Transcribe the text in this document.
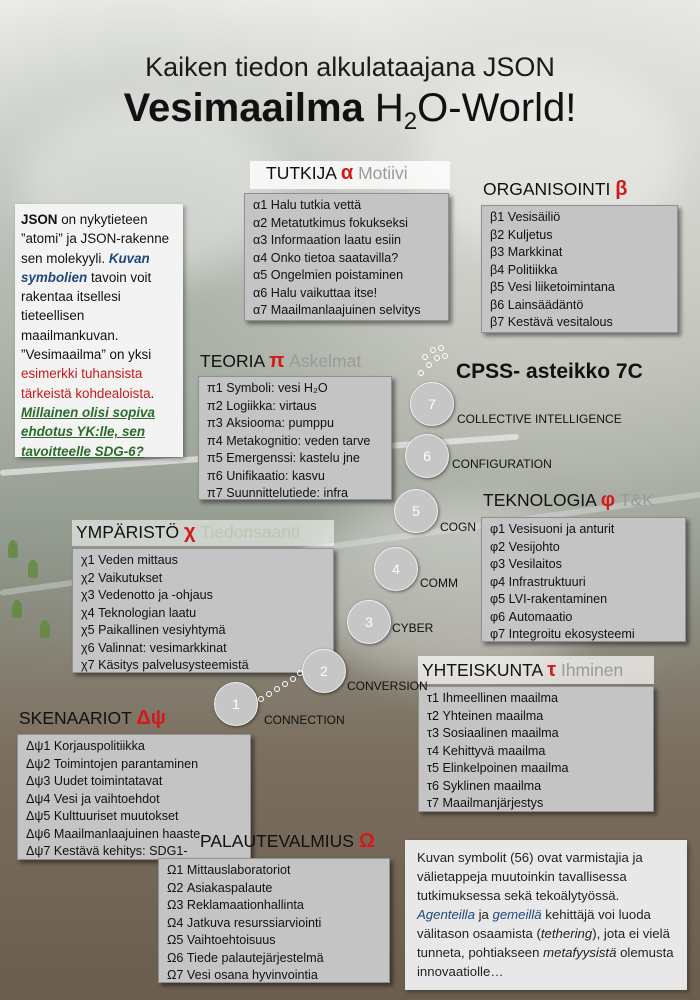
Kaiken tiedon alkulataajana JSON
Vesimaailma $H_2O$-World!
JSON on nykytieteen ”atomi” ja JSON-rakenne sen molekyyli. Kuvan symbolien tavoin voit rakentaa itsellesi tieteellisen maailmankuvan. ”Vesimaailma” on yksi esimerkki tuhansista tärkeistä kohdealoista. Millainen olisi sopiva ehdotus YK:lle, sen tavoitteelle SDG-6?
TUTKIJA α Motiivi
α1 Halu tutkia vettä
α2 Metatutkimus fokukseksi
α3 Informaation laatu esiin
α4 Onko tietoa saatavilla?
α5 Ongelmien poistaminen
α6 Halu vaikuttaa itse!
α7 Maailmanlaajuinen selvitys
ORGANISOINTI β
β1 Vesisäiliö
β2 Kuljetus
β3 Markkinat
β4 Politiikka
β5 Vesi liiketoimintana
β6 Lainsäädäntö
β7 Kestävä vesitalous
TEORIA π Askelmat
π1 Symboli: vesi H₂O
π2 Logiikka: virtaus
π3 Aksiooma: pumppu
π4 Metakognitio: veden tarve
π5 Emergenssi: kastelu jne
π6 Unifikaatio: kasvu
π7 Suunnittelutiede: infra	TEKNOLOGIA φ T&K
φ1 Vesisuoni ja anturit
φ2 Vesijohto
φ3 Vesilaitos
φ4 Infrastruktuuri
φ5 LVI-rakentaminen
φ6 Automaatio
φ7 Integroitu ekosysteemi
YMPÄRISTÖ χ Tiedonsaanti
χ1 Veden mittaus
χ2 Vaikutukset
χ3 Vedenotto ja -ohjaus
χ4 Teknologian laatu
χ5 Paikallinen vesiyhtymä
χ6 Valinnat: vesimarkkinat
χ7 Käsitys palvelusysteemistä	YHTEISKUNTA τ Ihminen
τ1 Ihmeellinen maailma
τ2 Yhteinen maailma
τ3 Sosiaalinen maailma
τ4 Kehittyvä maailma
τ5 Elinkelpoinen maailma
τ6 Syklinen maailma
τ7 Maailmanjärjestys
SKENAARIOT Δψ
Δψ1 Korjauspolitiikka
Δψ2 Toimintojen parantaminen
Δψ3 Uudet toimintatavat
Δψ4 Vesi ja vaihtoehdot
Δψ5 Kulttuuriset muutokset
Δψ6 Maailmanlaajuinen haaste
Δψ7 Kestävä kehitys: SDG1- PALAUTEVALMIUS Ω
Ω1 Mittauslaboratoriot
Ω2 Asiakaspalaute
Ω3 Reklamaationhallinta
Ω4 Jatkuva resurssiarviointi
Ω5 Vaihtoehtoisuus
Ω6 Tiede palautejärjestelmä
Ω7 Vesi osana hyvinvointia
CPSS- asteikko 7C
1
2
3
4
5
6
7
CONNECTION
CONVERSION
CYBER
COMM
COGN
CONFIGURATION
COLLECTIVE INTELLIGENCE
Kuvan symbolit (56) ovat varmistajia ja välietappeja muutoinkin tavallisessa tutkimuksessa sekä tekoälytyössä. Agenteilla ja gemeillä kehittäjä voi luoda välitason osaamista (tethering), jota ei vielä tunneta, pohtiakseen metafyysistä olemusta innovaatiolle…
